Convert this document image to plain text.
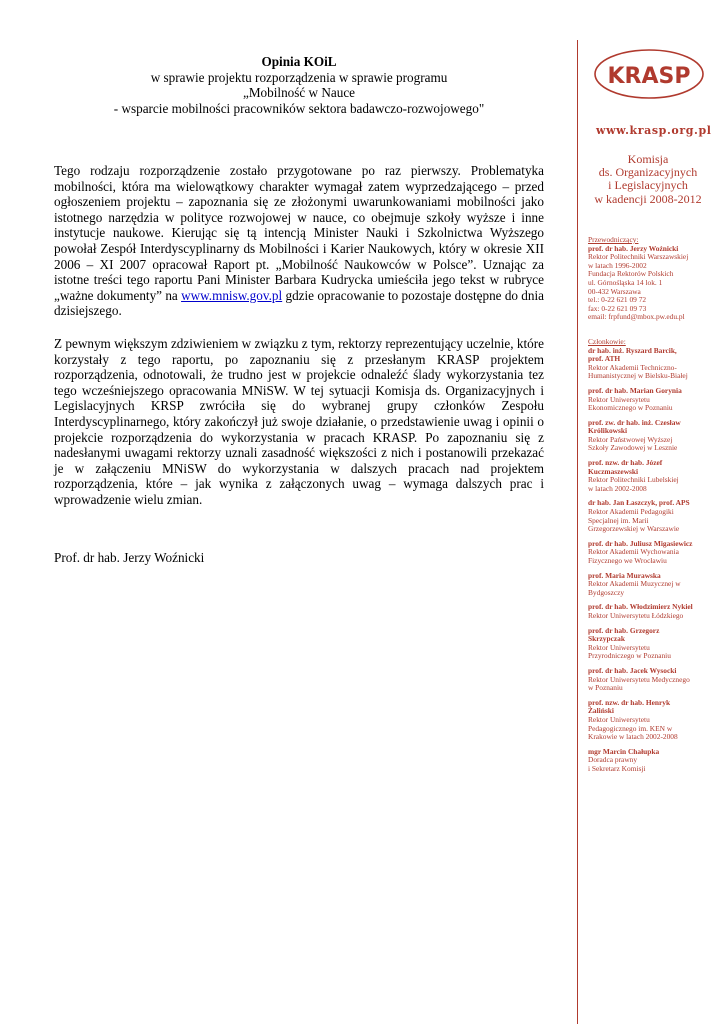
Opinia KOiL
w sprawie projektu rozporządzenia w sprawie programu
„Mobilność w Nauce
- wsparcie mobilności pracowników sektora badawczo-rozwojowego"

Tego rodzaju rozporządzenie zostało przygotowane po raz pierwszy. Problematyka mobilności, która ma wielowątkowy charakter wymagał zatem wyprzedzającego – przed ogłoszeniem projektu – zapoznania się ze złożonymi uwarunkowaniami mobilności jako istotnego narzędzia w polityce rozwojowej w nauce, co obejmuje szkoły wyższe i inne instytucje naukowe. Kierując się tą intencją Minister Nauki i Szkolnictwa Wyższego powołał Zespół Interdyscyplinarny ds Mobilności i Karier Naukowych, który w okresie XII 2006 – XI 2007 opracował Raport pt. „Mobilność Naukowców w Polsce”. Uznając za istotne treści tego raportu Pani Minister Barbara Kudrycka umieściła jego tekst w rubryce „ważne dokumenty” na www.mnisw.gov.pl gdzie opracowanie to pozostaje dostępne do dnia dzisiejszego.

Z pewnym większym zdziwieniem w związku z tym, rektorzy reprezentujący uczelnie, które korzystały z tego raportu, po zapoznaniu się z przesłanym KRASP projektem rozporządzenia, odnotowali, że trudno jest w projekcie odnaleźć ślady wykorzystania tez tego wcześniejszego opracowania MNiSW. W tej sytuacji Komisja ds. Organizacyjnych i Legislacyjnych KRSP zwróciła się do wybranej grupy członków Zespołu Interdyscyplinarnego, który zakończył już swoje działanie, o przedstawienie uwag i opinii o projekcie rozporządzenia do wykorzystania w pracach KRASP. Po zapoznaniu się z nadesłanymi uwagami rektorzy uznali zasadność większości z nich i postanowili przekazać je w załączeniu MNiSW do wykorzystania w dalszych pracach nad projektem rozporządzenia, które – jak wynika z załączonych uwag – wymaga dalszych prac i wprowadzenie wielu zmian.

Prof. dr hab. Jerzy Woźnicki
KRASP
www.krasp.org.pl
Komisja
ds. Organizacyjnych
i Legislacyjnych
w kadencji 2008-2012
Przewodniczący:
prof. dr hab. Jerzy Woźnicki
Rektor Politechniki Warszawskiej
w latach 1996-2002
Fundacja Rektorów Polskich
ul. Górnośląska 14 lok. 1
00-432 Warszawa
tel.: 0-22 621 09 72
fax: 0-22 621 09 73
email: frpfund@mbox.pw.edu.pl
Członkowie:
dr hab. inż. Ryszard Barcik,
prof. ATH
Rektor Akademii Techniczno-
Humanistycznej w Bielsku-Białej
prof. dr hab. Marian Gorynia
Rektor Uniwersytetu
Ekonomicznego w Poznaniu
prof. zw. dr hab. inż. Czesław
Królikowski
Rektor Państwowej Wyższej
Szkoły Zawodowej w Lesznie
prof. nzw. dr hab. Józef
Kuczmaszewski
Rektor Politechniki Lubelskiej
w latach 2002-2008
dr hab. Jan Łaszczyk, prof. APS
Rektor Akademii Pedagogiki
Specjalnej im. Marii
Grzegorzewskiej w Warszawie
prof. dr hab. Juliusz Migasiewicz
Rektor Akademii Wychowania
Fizycznego we Wrocławiu
prof. Maria Murawska
Rektor Akademii Muzycznej w
Bydgoszczy
prof. dr hab. Włodzimierz Nykiel
Rektor Uniwersytetu Łódzkiego
prof. dr hab. Grzegorz
Skrzypczak
Rektor Uniwersytetu
Przyrodniczego w Poznaniu
prof. dr hab. Jacek Wysocki
Rektor Uniwersytetu Medycznego
w Poznaniu
prof. nzw. dr hab. Henryk
Żaliński
Rektor Uniwersytetu
Pedagogicznego im. KEN w
Krakowie w latach 2002-2008
mgr Marcin Chałupka
Doradca prawny
i Sekretarz Komisji
